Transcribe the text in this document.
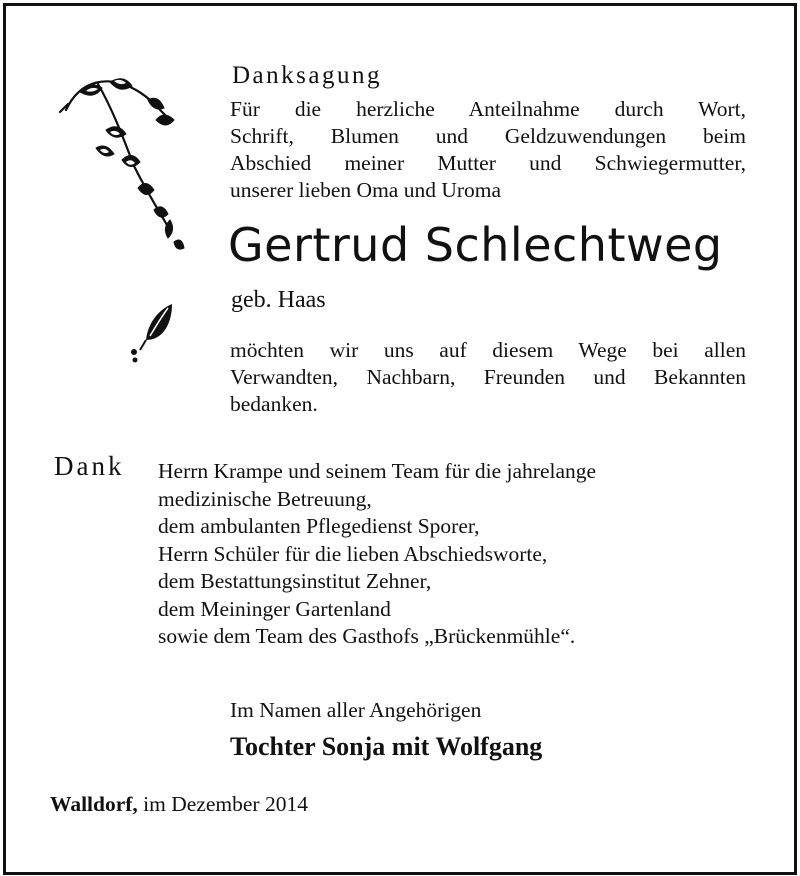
Danksagung
Für die herzliche Anteilnahme durch Wort,
Schrift, Blumen und Geldzuwendungen beim
Abschied meiner Mutter und Schwiegermutter,
unserer lieben Oma und Uroma
Gertrud Schlechtweg
geb. Haas
möchten wir uns auf diesem Wege bei allen
Verwandten, Nachbarn, Freunden und Bekannten
bedanken.
Dank Herrn Krampe und seinem Team für die jahrelange
medizinische Betreuung,
dem ambulanten Pflegedienst Sporer,
Herrn Schüler für die lieben Abschiedsworte,
dem Bestattungsinstitut Zehner,
dem Meininger Gartenland
sowie dem Team des Gasthofs „Brückenmühle“.
Im Namen aller Angehörigen
Tochter Sonja mit Wolfgang
Walldorf, im Dezember 2014
